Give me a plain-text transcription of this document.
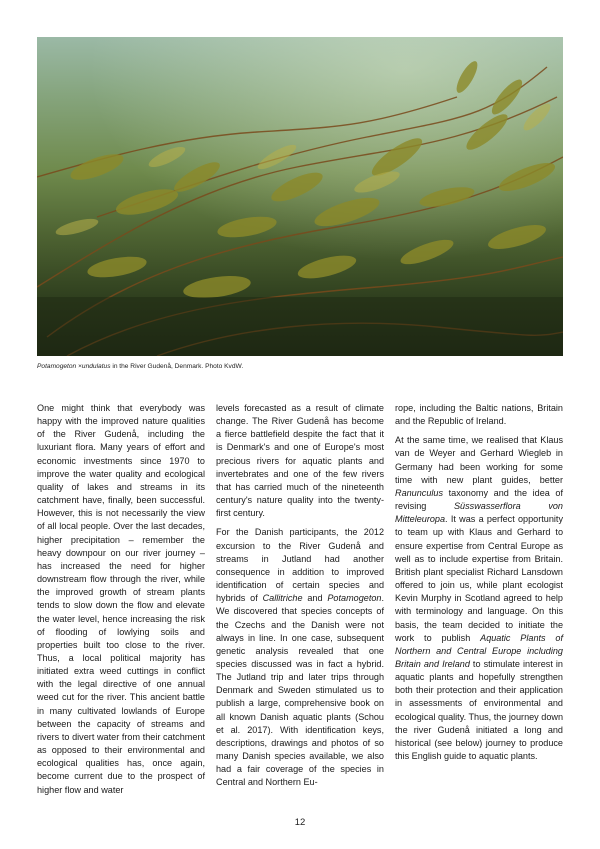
Potamogeton ×undulatus in the River Gudenå, Denmark. Photo KvdW.

One might think that everybody was happy with the improved nature qualities of the River Gudenå, including the luxuriant flora. Many years of effort and economic investments since 1970 to improve the water quality and ecological quality of lakes and streams in its catchment have, finally, been successful. However, this is not necessarily the view of all local people. Over the last decades, higher precipitation – remember the heavy downpour on our river journey – has increased the need for higher downstream flow through the river, while the improved growth of stream plants tends to slow down the flow and elevate the water level, hence increasing the risk of flooding of lowlying soils and properties built too close to the river. Thus, a local political majority has initiated extra weed cuttings in conflict with the legal directive of one annual weed cut for the river. This ancient battle in many cultivated lowlands of Europe between the capacity of streams and rivers to divert water from their catchment as opposed to their environmental and ecological qualities has, once again, become current due to the prospect of higher flow and water

levels forecasted as a result of climate change. The River Gudenå has become a fierce battlefield despite the fact that it is Denmark's and one of Europe's most precious rivers for aquatic plants and invertebrates and one of the few rivers that has carried much of the nineteenth century's nature quality into the twenty-first century.

For the Danish participants, the 2012 excursion to the River Gudenå and streams in Jutland had another consequence in addition to improved identification of certain species and hybrids of Callitriche and Potamogeton. We discovered that species concepts of the Czechs and the Danish were not always in line. In one case, subsequent genetic analysis revealed that one species discussed was in fact a hybrid. The Jutland trip and later trips through Denmark and Sweden stimulated us to publish a large, comprehensive book on all known Danish aquatic plants (Schou et al. 2017). With identification keys, descriptions, drawings and photos of so many Danish species available, we also had a fair coverage of the species in Central and Northern Eu-

rope, including the Baltic nations, Britain and the Republic of Ireland.

At the same time, we realised that Klaus van de Weyer and Gerhard Wiegleb in Germany had been working for some time with new plant guides, better Ranunculus taxonomy and the idea of revising Süsswasserflora von Mitteleuropa. It was a perfect opportunity to team up with Klaus and Gerhard to ensure expertise from Central Europe as well as to include expertise from Britain. British plant specialist Richard Lansdown offered to join us, while plant ecologist Kevin Murphy in Scotland agreed to help with terminology and language. On this basis, the team decided to initiate the work to publish Aquatic Plants of Northern and Central Europe including Britain and Ireland to stimulate interest in aquatic plants and hopefully strengthen both their protection and their application in assessments of environmental and ecological quality. Thus, the journey down the river Gudenå initiated a long and historical (see below) journey to produce this English guide to aquatic plants.

12
